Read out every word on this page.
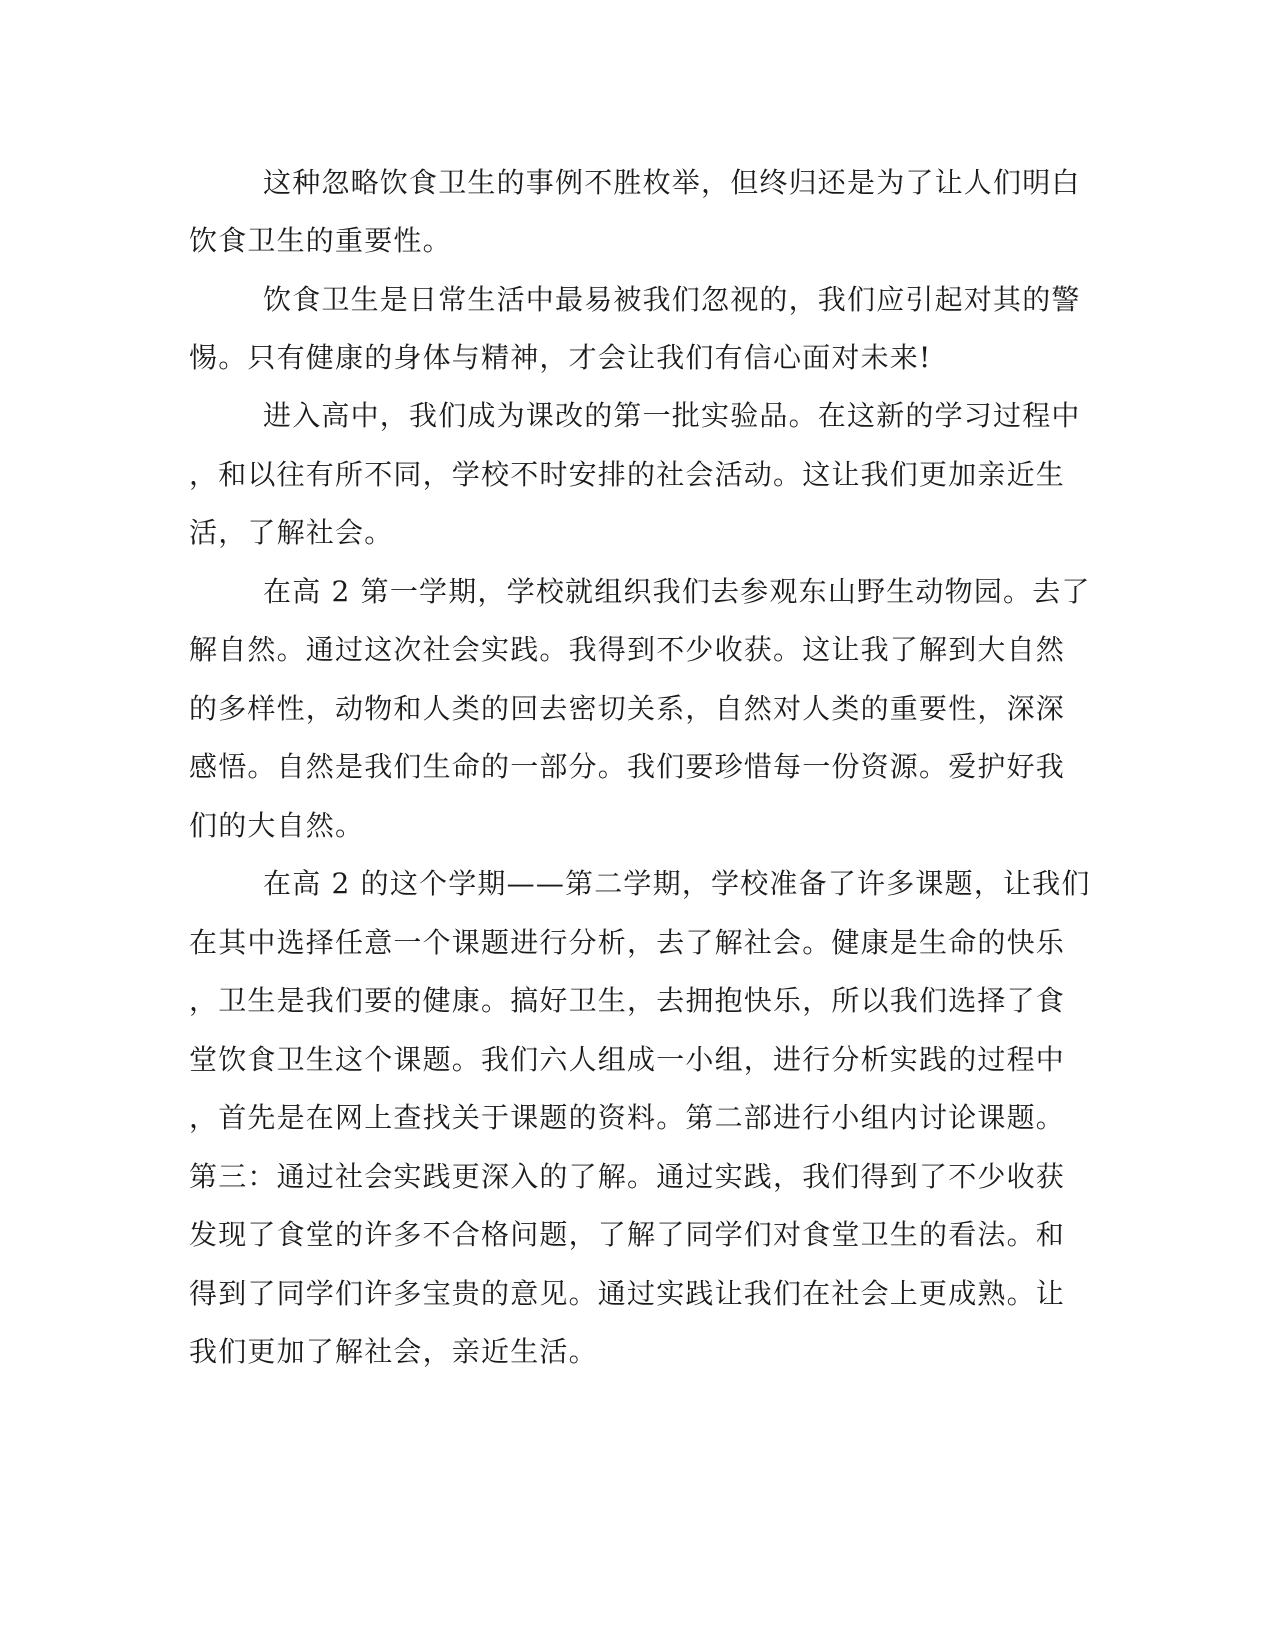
这种忽略饮食卫生的事例不胜枚举，但终归还是为了让人们明白
饮食卫生的重要性。
饮食卫生是日常生活中最易被我们忽视的，我们应引起对其的警
惕。只有健康的身体与精神，才会让我们有信心面对未来!
进入高中，我们成为课改的第一批实验品。在这新的学习过程中
，和以往有所不同，学校不时安排的社会活动。这让我们更加亲近生
活，了解社会。
在高 2 第一学期，学校就组织我们去参观东山野生动物园。去了
解自然。通过这次社会实践。我得到不少收获。这让我了解到大自然
的多样性，动物和人类的回去密切关系，自然对人类的重要性，深深
感悟。自然是我们生命的一部分。我们要珍惜每一份资源。爱护好我
们的大自然。
在高 2 的这个学期——第二学期，学校准备了许多课题，让我们
在其中选择任意一个课题进行分析，去了解社会。健康是生命的快乐
，卫生是我们要的健康。搞好卫生，去拥抱快乐，所以我们选择了食
堂饮食卫生这个课题。我们六人组成一小组，进行分析实践的过程中
，首先是在网上查找关于课题的资料。第二部进行小组内讨论课题。
第三：通过社会实践更深入的了解。通过实践，我们得到了不少收获
发现了食堂的许多不合格问题，了解了同学们对食堂卫生的看法。和
得到了同学们许多宝贵的意见。通过实践让我们在社会上更成熟。让
我们更加了解社会，亲近生活。
